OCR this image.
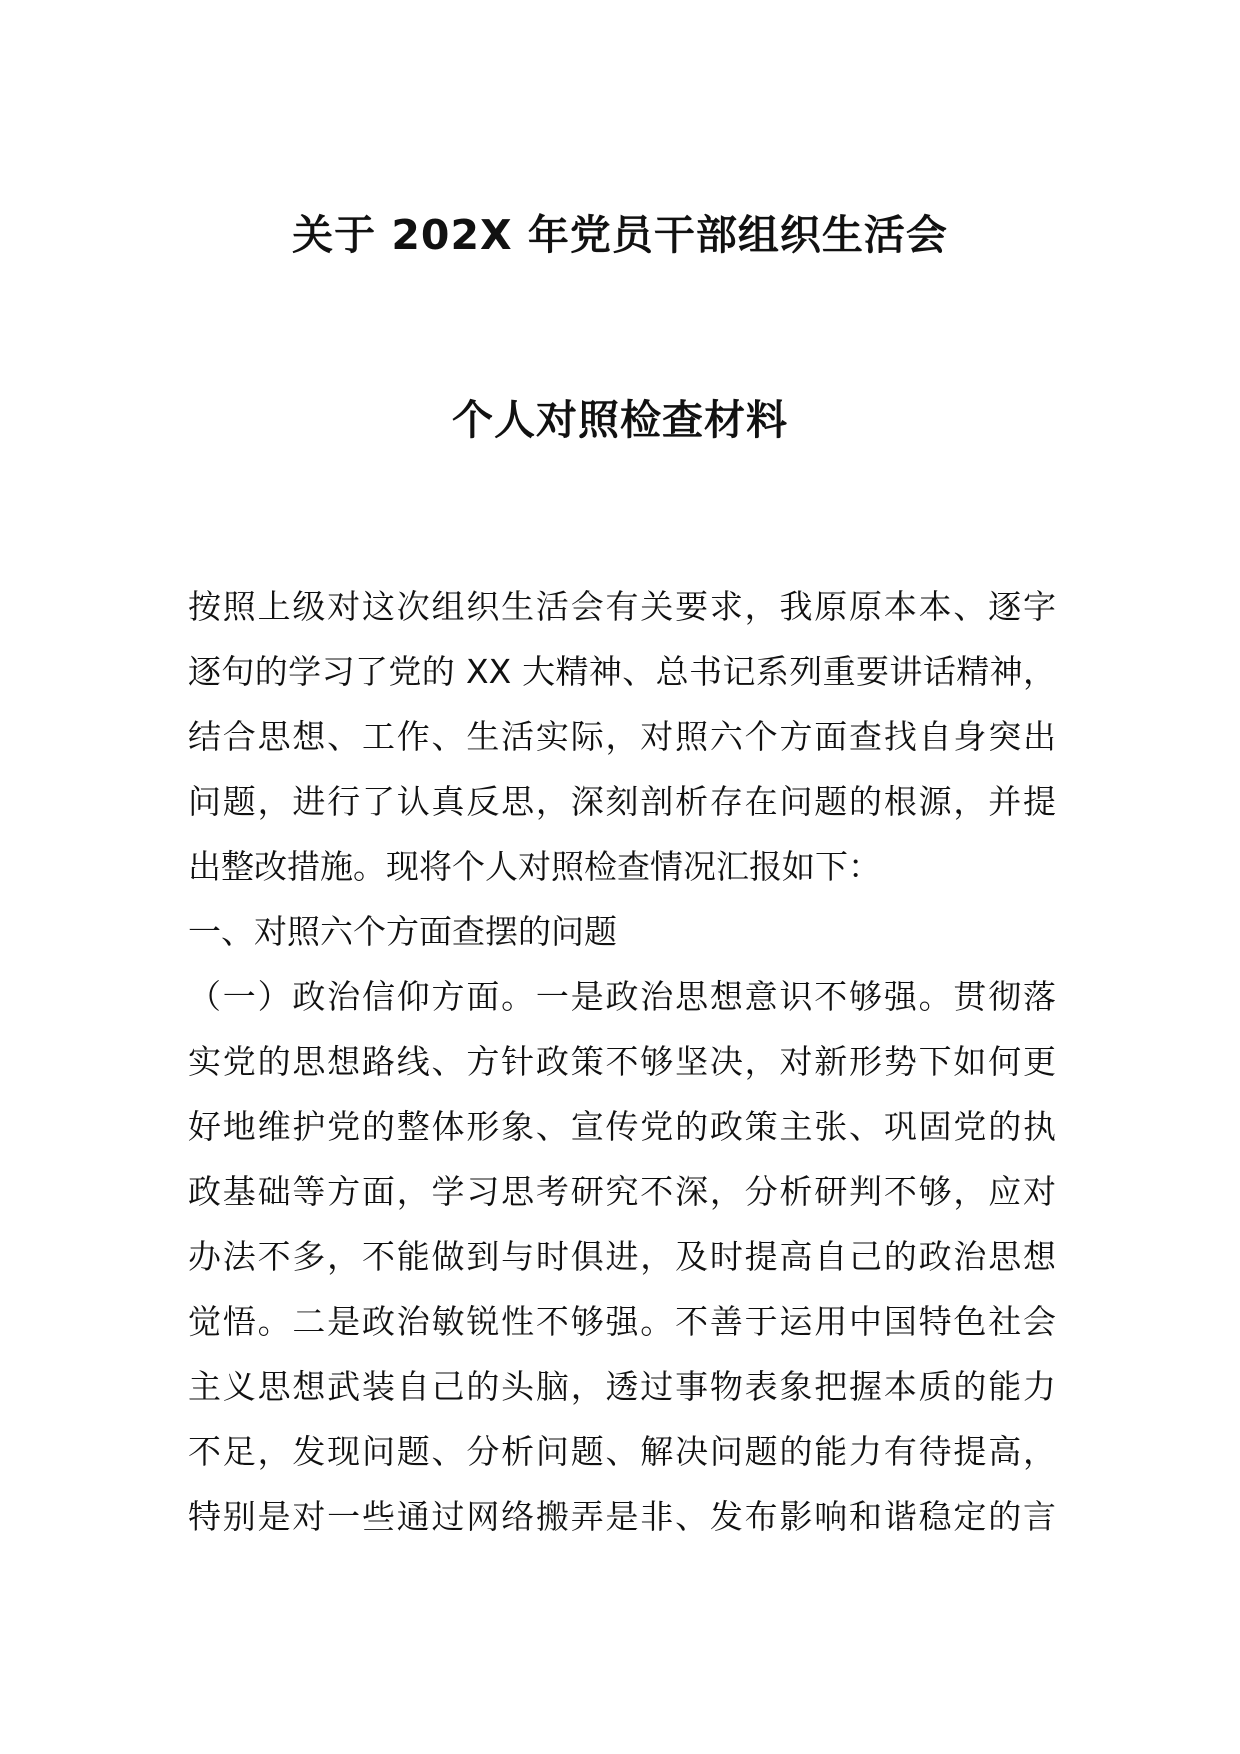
关于 202X 年党员干部组织生活会
个人对照检查材料
按照上级对这次组织生活会有关要求，我原原本本、逐字
逐句的学习了党的 XX 大精神、总书记系列重要讲话精神，
结合思想、工作、生活实际，对照六个方面查找自身突出
问题，进行了认真反思，深刻剖析存在问题的根源，并提
出整改措施。现将个人对照检查情况汇报如下：
一、对照六个方面查摆的问题
（一）政治信仰方面。一是政治思想意识不够强。贯彻落
实党的思想路线、方针政策不够坚决，对新形势下如何更
好地维护党的整体形象、宣传党的政策主张、巩固党的执
政基础等方面，学习思考研究不深，分析研判不够，应对
办法不多，不能做到与时俱进，及时提高自己的政治思想
觉悟。二是政治敏锐性不够强。不善于运用中国特色社会
主义思想武装自己的头脑，透过事物表象把握本质的能力
不足，发现问题、分析问题、解决问题的能力有待提高，
特别是对一些通过网络搬弄是非、发布影响和谐稳定的言
